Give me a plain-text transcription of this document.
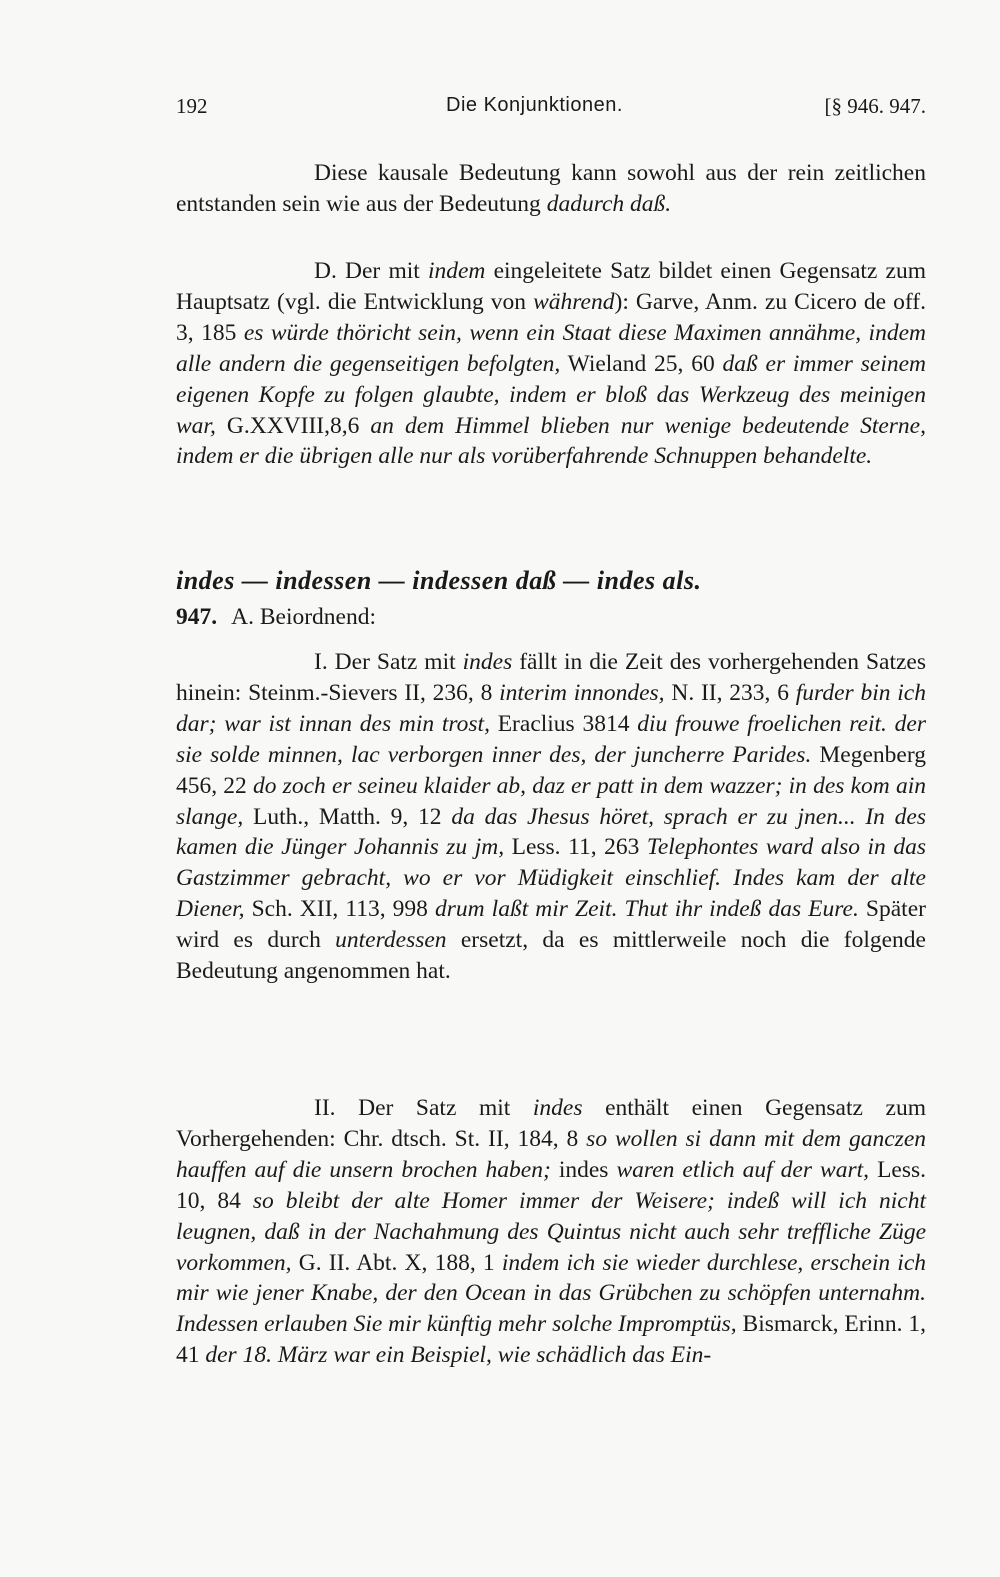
192	Die Konjunktionen.	[§ 946. 947.

Diese kausale Bedeutung kann sowohl aus der rein zeitlichen entstanden sein wie aus der Bedeutung dadurch daß.

D. Der mit indem eingeleitete Satz bildet einen Gegensatz zum Hauptsatz (vgl. die Entwicklung von während): Garve, Anm. zu Cicero de off. 3, 185 es würde thöricht sein, wenn ein Staat diese Maximen annähme, indem alle andern die gegenseitigen befolgten, Wieland 25, 60 daß er immer seinem eigenen Kopfe zu folgen glaubte, indem er bloß das Werkzeug des meinigen war, G.XXVIII,8,6 an dem Himmel blieben nur wenige bedeutende Sterne, indem er die übrigen alle nur als vorüberfahrende Schnuppen behandelte.

indes — indessen — indessen daß — indes als.
947. A. Beiordnend:

I. Der Satz mit indes fällt in die Zeit des vorhergehenden Satzes hinein: Steinm.-Sievers II, 236, 8 interim innondes, N. II, 233, 6 furder bin ich dar; war ist innan des min trost, Eraclius 3814 diu frouwe froelichen reit. der sie solde minnen, lac verborgen inner des, der juncherre Parides. Megenberg 456, 22 do zoch er seineu klaider ab, daz er patt in dem wazzer; in des kom ain slange, Luth., Matth. 9, 12 da das Jhesus höret, sprach er zu jnen... In des kamen die Jünger Johannis zu jm, Less. 11, 263 Telephontes ward also in das Gastzimmer gebracht, wo er vor Müdigkeit einschlief. Indes kam der alte Diener, Sch. XII, 113, 998 drum laßt mir Zeit. Thut ihr indeß das Eure. Später wird es durch unterdessen ersetzt, da es mittlerweile noch die folgende Bedeutung angenommen hat.

II. Der Satz mit indes enthält einen Gegensatz zum Vorhergehenden: Chr. dtsch. St. II, 184, 8 so wollen si dann mit dem ganczen hauffen auf die unsern brochen haben; indes waren etlich auf der wart, Less. 10, 84 so bleibt der alte Homer immer der Weisere; indeß will ich nicht leugnen, daß in der Nachahmung des Quintus nicht auch sehr treffliche Züge vorkommen, G. II. Abt. X, 188, 1 indem ich sie wieder durchlese, erschein ich mir wie jener Knabe, der den Ocean in das Grübchen zu schöpfen unternahm. Indessen erlauben Sie mir künftig mehr solche Impromptüs, Bismarck, Erinn. 1, 41 der 18. März war ein Beispiel, wie schädlich das Ein-
